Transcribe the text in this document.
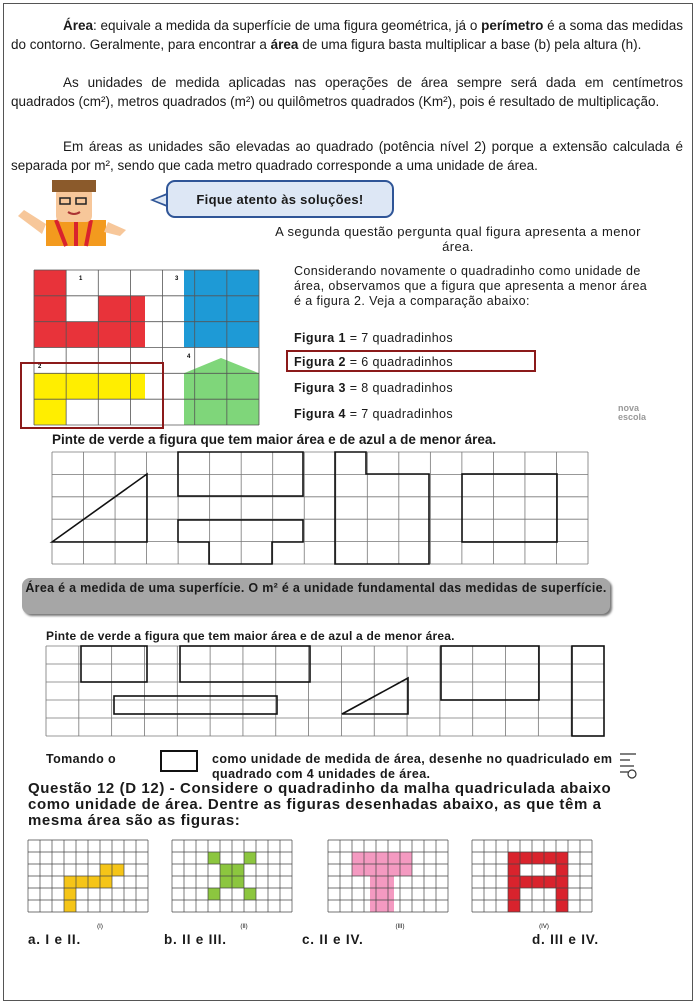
Área: equivale a medida da superfície de uma figura geométrica, já o perímetro é a soma das medidas do contorno. Geralmente, para encontrar a área de uma figura basta multiplicar a base (b) pela altura (h).
As unidades de medida aplicadas nas operações de área sempre será dada em centímetros quadrados (cm²), metros quadrados (m²) ou quilômetros quadrados (Km²), pois é resultado de multiplicação.
Em áreas as unidades são elevadas ao quadrado (potência nível 2) porque a extensão calculada é separada por m², sendo que cada metro quadrado corresponde a uma unidade de área.
Fique atento às soluções!
A segunda questão pergunta qual figura apresenta a menor área.
1	3
2
4
Considerando novamente o quadradinho como unidade de área, observamos que a figura que apresenta a menor área é a figura 2. Veja a comparação abaixo:
Figura 1 = 7 quadradinhos
Figura 2 = 6 quadradinhos
Figura 3 = 8 quadradinhos
Figura 4 = 7 quadradinhos	nova escola
Pinte de verde a figura que tem maior área e de azul a de menor área.
Área é a medida de uma superfície. O m² é a unidade fundamental das medidas de superfície.
Pinte de verde a figura que tem maior área e de azul a de menor área.
Tomando o	como unidade de medida de área, desenhe no quadriculado em quadrado com 4 unidades de área.
Questão 12 (D 12) - Considere o quadradinho da malha quadriculada abaixo como unidade de área. Dentre as figuras desenhadas abaixo, as que têm a mesma área são as figuras:
(I)	(II)	(III)	(IV)
a. I e II.	b. II e III.	c. II e IV.	d. III e IV.
